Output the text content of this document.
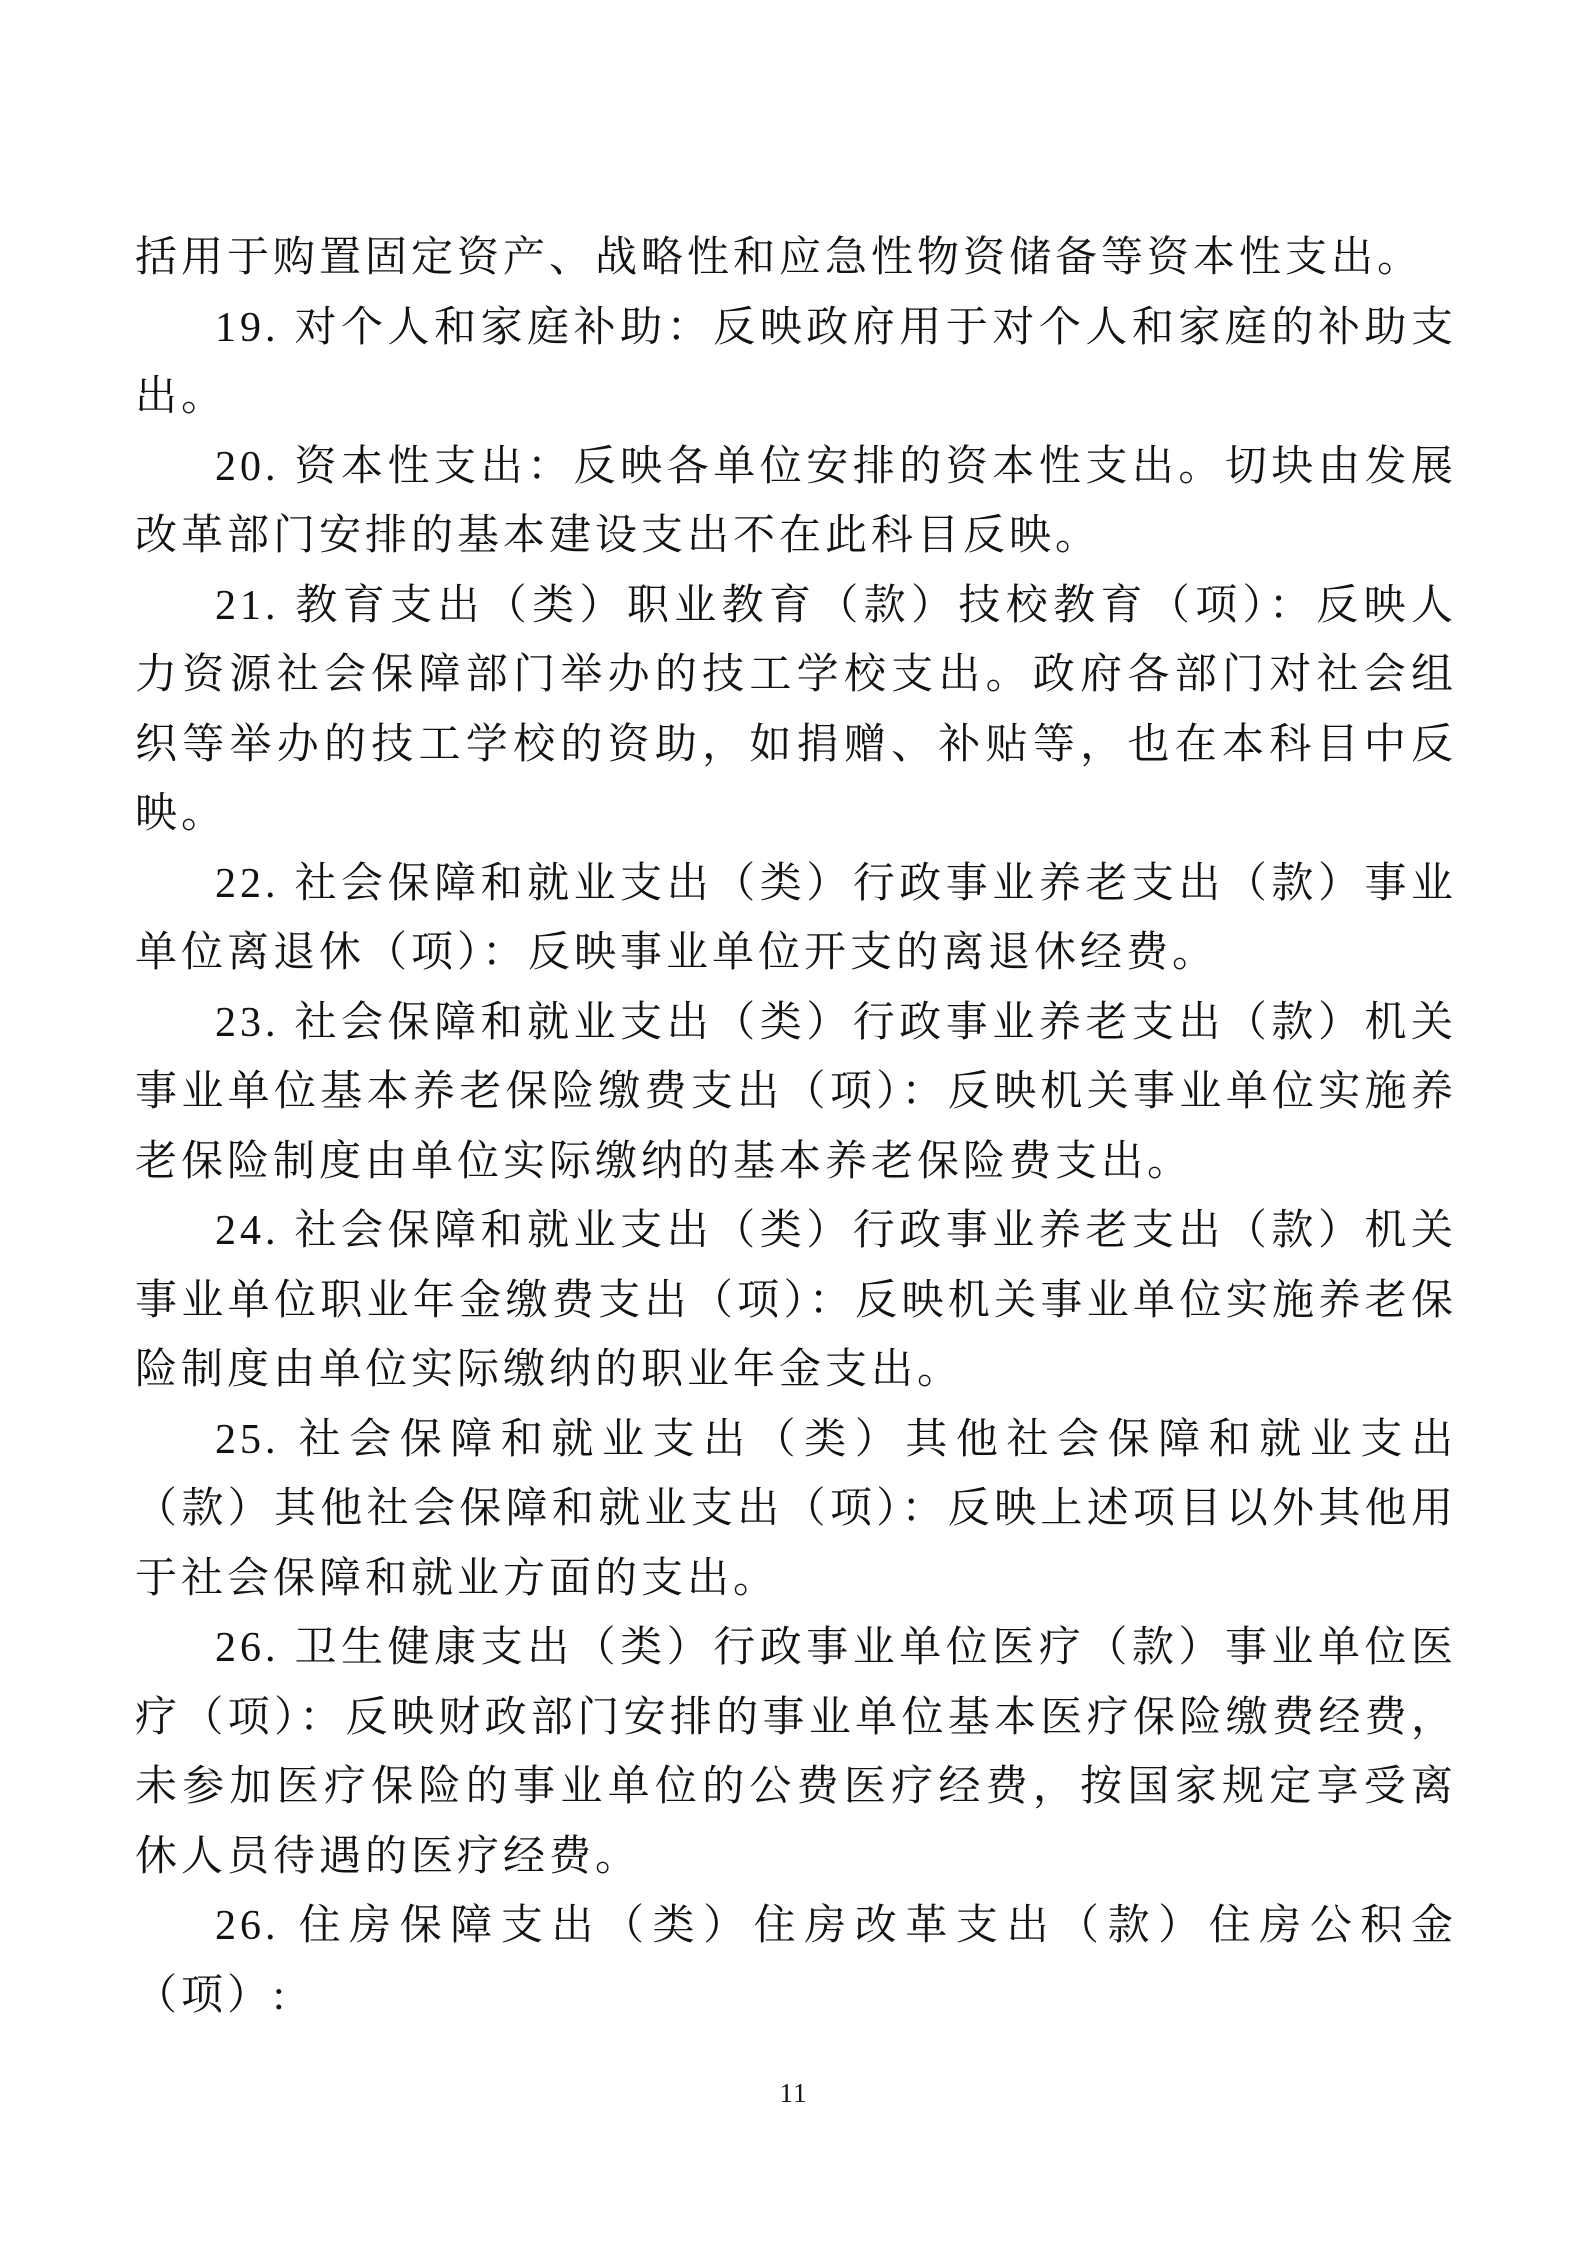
括用于购置固定资产、战略性和应急性物资储备等资本性支出。

19. 对个人和家庭补助：反映政府用于对个人和家庭的补助支出。

20. 资本性支出：反映各单位安排的资本性支出。切块由发展改革部门安排的基本建设支出不在此科目反映。

21. 教育支出（类）职业教育（款）技校教育（项）：反映人力资源社会保障部门举办的技工学校支出。政府各部门对社会组织等举办的技工学校的资助，如捐赠、补贴等，也在本科目中反映。

22. 社会保障和就业支出（类）行政事业养老支出（款）事业单位离退休（项）：反映事业单位开支的离退休经费。

23. 社会保障和就业支出（类）行政事业养老支出（款）机关事业单位基本养老保险缴费支出（项）：反映机关事业单位实施养老保险制度由单位实际缴纳的基本养老保险费支出。

24. 社会保障和就业支出（类）行政事业养老支出（款）机关事业单位职业年金缴费支出（项）：反映机关事业单位实施养老保险制度由单位实际缴纳的职业年金支出。

25. 社会保障和就业支出（类）其他社会保障和就业支出（款）其他社会保障和就业支出（项）：反映上述项目以外其他用于社会保障和就业方面的支出。

26. 卫生健康支出（类）行政事业单位医疗（款）事业单位医疗（项）：反映财政部门安排的事业单位基本医疗保险缴费经费，未参加医疗保险的事业单位的公费医疗经费，按国家规定享受离休人员待遇的医疗经费。

26. 住房保障支出（类）住房改革支出（款）住房公积金（项）:

11
